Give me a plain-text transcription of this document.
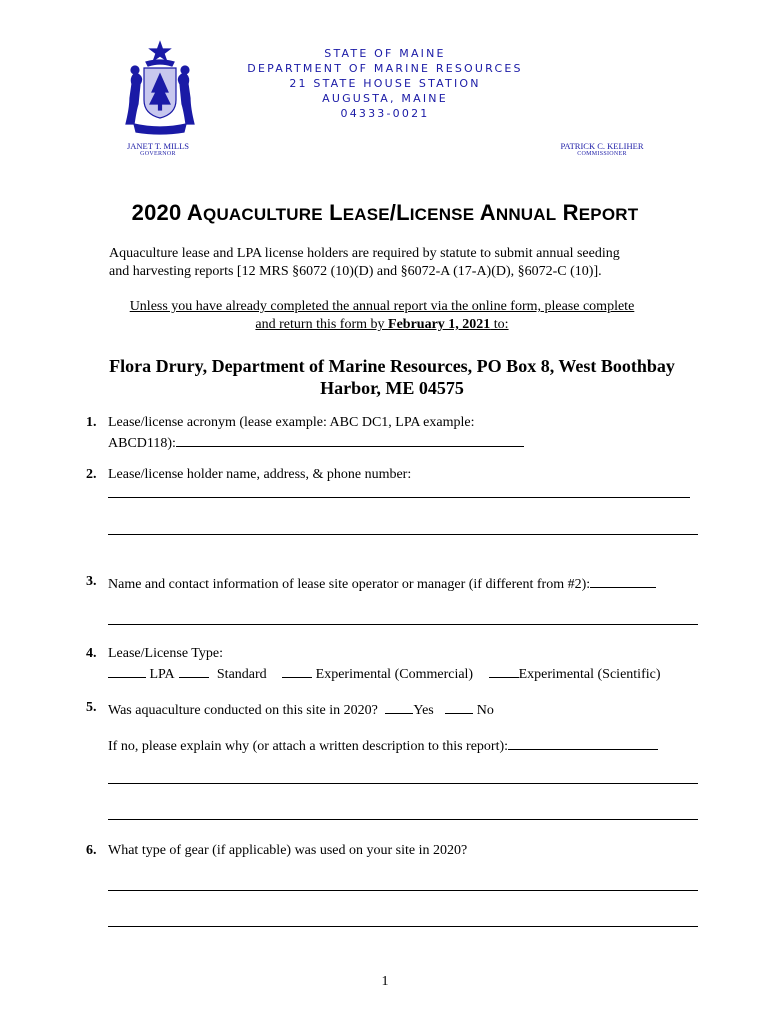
STATE OF MAINE
DEPARTMENT OF MARINE RESOURCES
21 STATE HOUSE STATION
AUGUSTA, MAINE
04333-0021
JANET T. MILLS
GOVERNOR
PATRICK C. KELIHER
COMMISSIONER
2020 AQUACULTURE LEASE/LICENSE ANNUAL REPORT
Aquaculture lease and LPA license holders are required by statute to submit annual seeding
and harvesting reports [12 MRS §6072 (10)(D) and §6072-A (17-A)(D), §6072-C (10)].
Unless you have already completed the annual report via the online form, please complete
and return this form by February 1, 2021 to:
Flora Drury, Department of Marine Resources, PO Box 8, West Boothbay
Harbor, ME 04575
1. Lease/license acronym (lease example: ABC DC1, LPA example:
ABCD118):
2. Lease/license holder name, address, & phone number:
3. Name and contact information of lease site operator or manager (if different from #2):
4. Lease/License Type:
LPA	Standard	Experimental (Commercial)	Experimental (Scientific)
5. Was aquaculture conducted on this site in 2020?	Yes	No
If no, please explain why (or attach a written description to this report):
6. What type of gear (if applicable) was used on your site in 2020?
1
